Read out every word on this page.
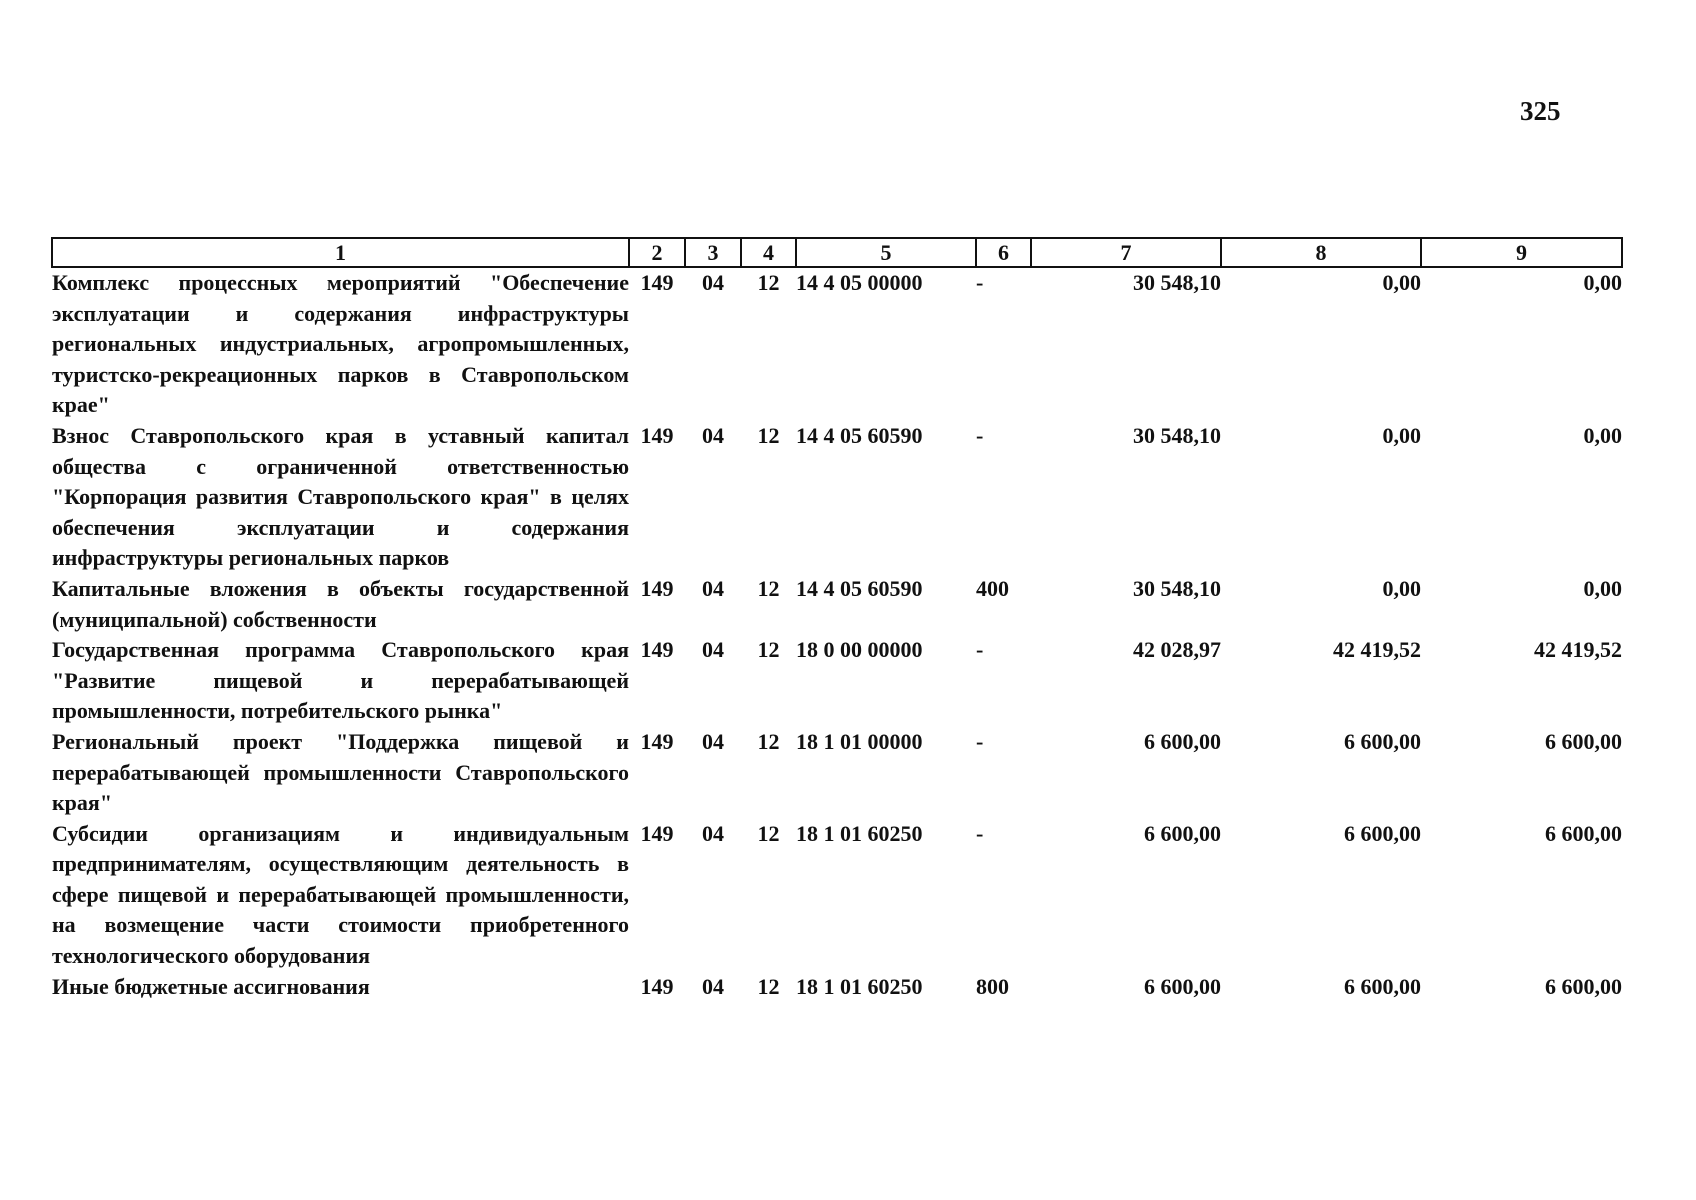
325
1	2	3	4	5	6	7	8	9
Комплекс процессных мероприятий "Обеспечение эксплуатации и содержания инфраструктуры региональных индустриальных, агропромышленных, туристско-рекреационных парков в Ставропольском крае"	149	04	12	14 4 05 00000	-	30 548,10	0,00	0,00
Взнос Ставропольского края в уставный капитал общества с ограниченной ответственностью "Корпорация развития Ставропольского края" в целях обеспечения эксплуатации и содержания инфраструктуры региональных парков	149	04	12	14 4 05 60590	-	30 548,10	0,00	0,00
Капитальные вложения в объекты государственной (муниципальной) собственности	149	04	12	14 4 05 60590	400	30 548,10	0,00	0,00
Государственная программа Ставропольского края "Развитие пищевой и перерабатывающей промышленности, потребительского рынка"	149	04	12	18 0 00 00000	-	42 028,97	42 419,52	42 419,52
Региональный проект "Поддержка пищевой и перерабатывающей промышленности Ставропольского края"	149	04	12	18 1 01 00000	-	6 600,00	6 600,00	6 600,00
Субсидии организациям и индивидуальным предпринимателям, осуществляющим деятельность в сфере пищевой и перерабатывающей промышленности, на возмещение части стоимости приобретенного технологического оборудования	149	04	12	18 1 01 60250	-	6 600,00	6 600,00	6 600,00
Иные бюджетные ассигнования	149	04	12	18 1 01 60250	800	6 600,00	6 600,00	6 600,00
